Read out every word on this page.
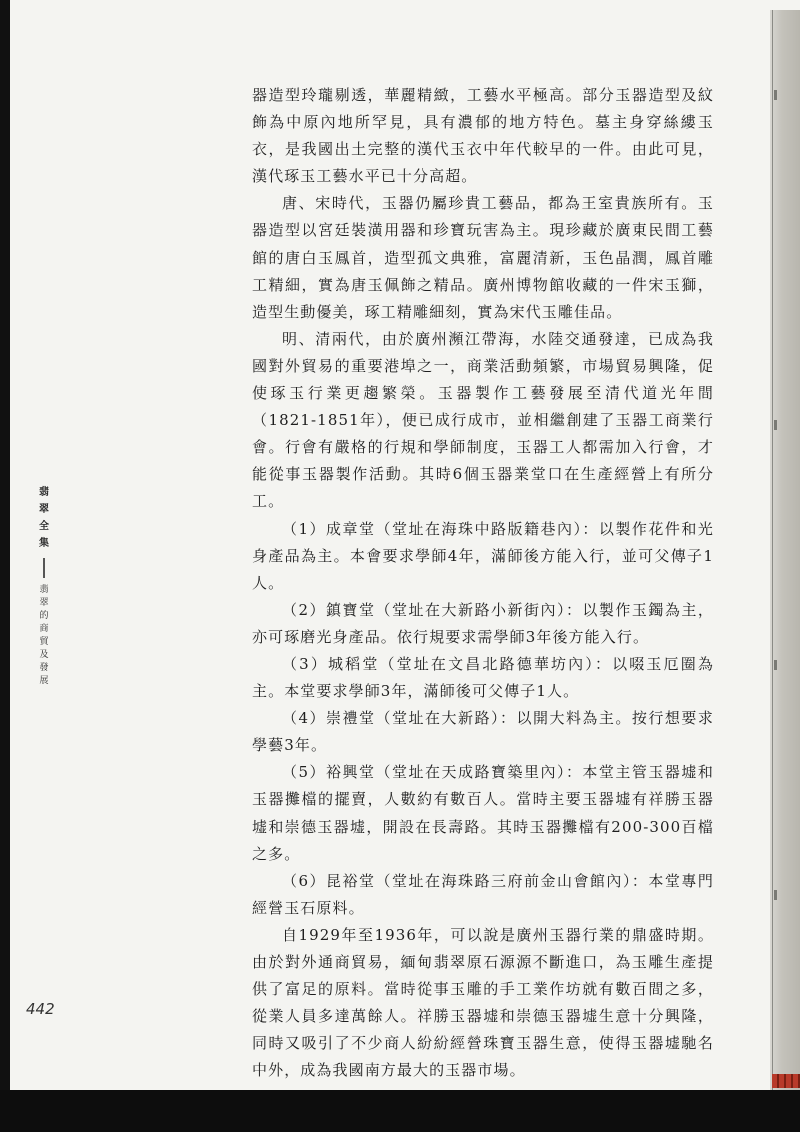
翡翠全集
翡翠的商貿及發展

器造型玲瓏剔透，華麗精緻，工藝水平極高。部分玉器造型及紋飾為中原內地所罕見，具有濃郁的地方特色。墓主身穿絲縷玉衣，是我國出土完整的漢代玉衣中年代較早的一件。由此可見，漢代琢玉工藝水平已十分高超。

唐、宋時代，玉器仍屬珍貴工藝品，都為王室貴族所有。玉器造型以宮廷裝潢用器和珍寶玩害為主。現珍藏於廣東民間工藝館的唐白玉鳳首，造型孤文典雅，富麗清新，玉色晶潤，鳳首雕工精細，實為唐玉佩飾之精品。廣州博物館收藏的一件宋玉獅，造型生動優美，琢工精雕細刻，實為宋代玉雕佳品。

明、清兩代，由於廣州瀕江帶海，水陸交通發達，已成為我國對外貿易的重要港埠之一，商業活動頻繁，市場貿易興隆，促使琢玉行業更趨繁榮。玉器製作工藝發展至清代道光年間（1821-1851年），便已成行成市，並相繼創建了玉器工商業行會。行會有嚴格的行規和學師制度，玉器工人都需加入行會，才能從事玉器製作活動。其時6個玉器業堂口在生產經營上有所分工。

（1）成章堂（堂址在海珠中路版籍巷內）：以製作花件和光身產品為主。本會要求學師4年，滿師後方能入行，並可父傳子1人。

（2）鎮寶堂（堂址在大新路小新街內）：以製作玉鐲為主，亦可琢磨光身產品。依行規要求需學師3年後方能入行。

（3）城稻堂（堂址在文昌北路德華坊內）：以啜玉厄圈為主。本堂要求學師3年，滿師後可父傳子1人。

（4）崇禮堂（堂址在大新路）：以開大料為主。按行想要求學藝3年。

（5）裕興堂（堂址在天成路寶築里內）：本堂主管玉器墟和玉器攤檔的擺賣，人數約有數百人。當時主要玉器墟有祥勝玉器墟和崇德玉器墟，開設在長壽路。其時玉器攤檔有200-300百檔之多。

（6）昆裕堂（堂址在海珠路三府前金山會館內）：本堂專門經營玉石原料。

自1929年至1936年，可以說是廣州玉器行業的鼎盛時期。由於對外通商貿易，緬甸翡翠原石源源不斷進口，為玉雕生產提供了富足的原料。當時從事玉雕的手工業作坊就有數百間之多，從業人員多達萬餘人。祥勝玉器墟和崇德玉器墟生意十分興隆，同時又吸引了不少商人紛紛經營珠寶玉器生意，使得玉器墟馳名中外，成為我國南方最大的玉器市場。

442
